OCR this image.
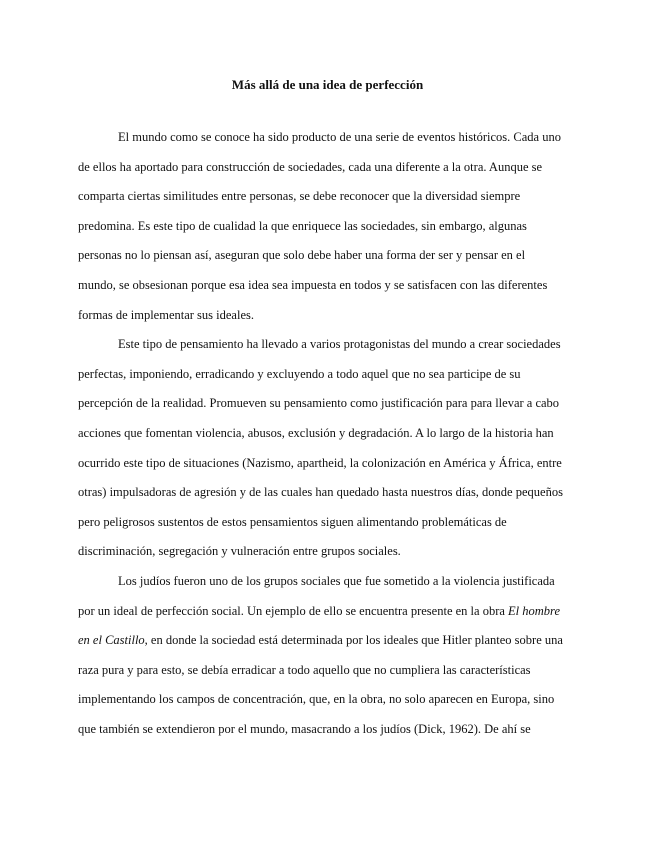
Más allá de una idea de perfección

El mundo como se conoce ha sido producto de una serie de eventos históricos. Cada uno
de ellos ha aportado para construcción de sociedades, cada una diferente a la otra. Aunque se
comparta ciertas similitudes entre personas, se debe reconocer que la diversidad siempre
predomina. Es este tipo de cualidad la que enriquece las sociedades, sin embargo, algunas
personas no lo piensan así, aseguran que solo debe haber una forma der ser y pensar en el
mundo, se obsesionan porque esa idea sea impuesta en todos y se satisfacen con las diferentes
formas de implementar sus ideales.

Este tipo de pensamiento ha llevado a varios protagonistas del mundo a crear sociedades
perfectas, imponiendo, erradicando y excluyendo a todo aquel que no sea participe de su
percepción de la realidad. Promueven su pensamiento como justificación para para llevar a cabo
acciones que fomentan violencia, abusos, exclusión y degradación. A lo largo de la historia han
ocurrido este tipo de situaciones (Nazismo, apartheid, la colonización en América y África, entre
otras) impulsadoras de agresión y de las cuales han quedado hasta nuestros días, donde pequeños
pero peligrosos sustentos de estos pensamientos siguen alimentando problemáticas de
discriminación, segregación y vulneración entre grupos sociales.

Los judíos fueron uno de los grupos sociales que fue sometido a la violencia justificada
por un ideal de perfección social. Un ejemplo de ello se encuentra presente en la obra El hombre
en el Castillo, en donde la sociedad está determinada por los ideales que Hitler planteo sobre una
raza pura y para esto, se debía erradicar a todo aquello que no cumpliera las características
implementando los campos de concentración, que, en la obra, no solo aparecen en Europa, sino
que también se extendieron por el mundo, masacrando a los judíos (Dick, 1962). De ahí se
